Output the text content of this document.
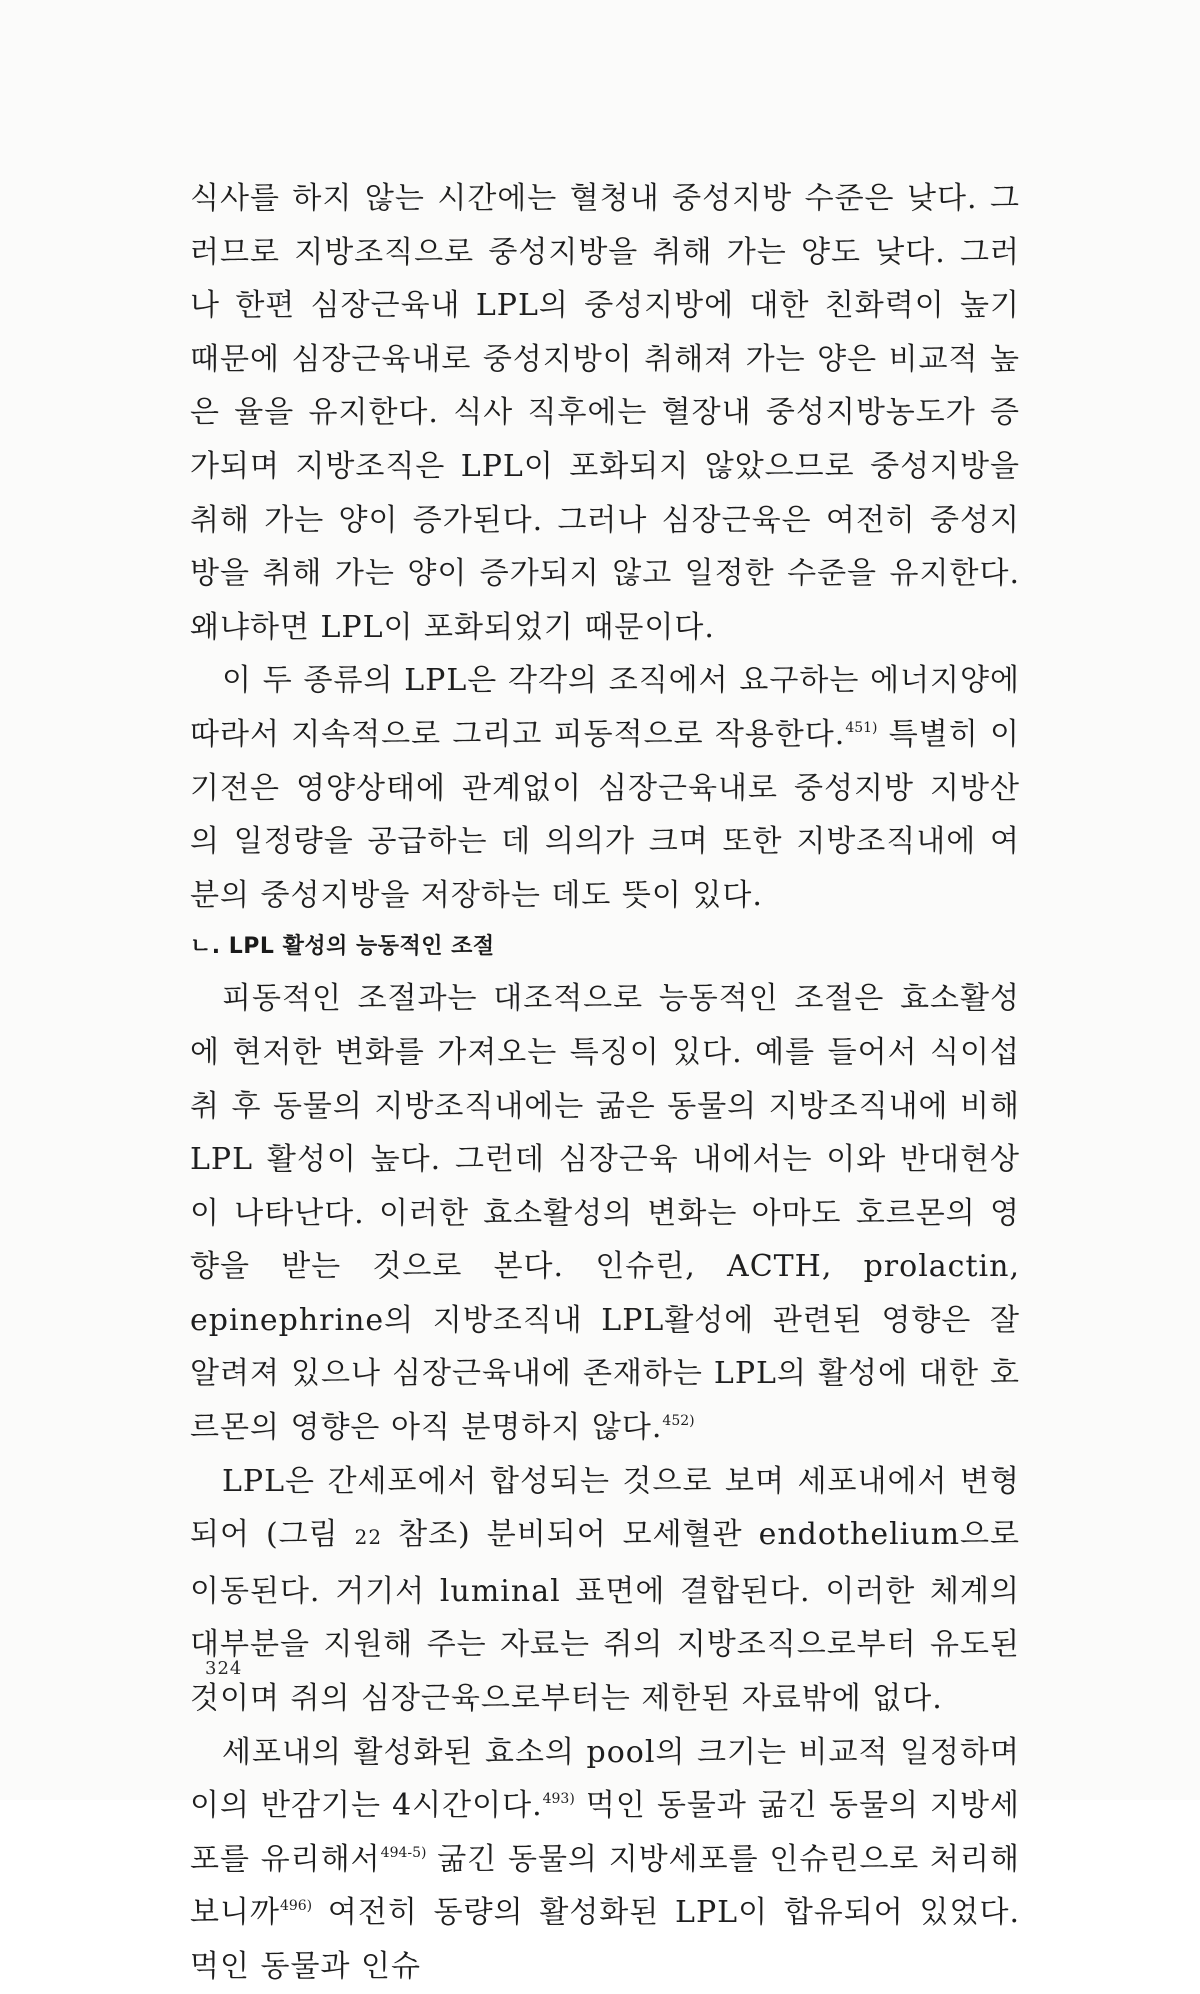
식사를 하지 않는 시간에는 혈청내 중성지방 수준은 낮다. 그러므로 지방조직으로 중성지방을 취해 가는 양도 낮다. 그러나 한편 심장근육내 LPL의 중성지방에 대한 친화력이 높기 때문에 심장근육내로 중성지방이 취해져 가는 양은 비교적 높은 율을 유지한다. 식사 직후에는 혈장내 중성지방농도가 증가되며 지방조직은 LPL이 포화되지 않았으므로 중성지방을 취해 가는 양이 증가된다. 그러나 심장근육은 여전히 중성지방을 취해 가는 양이 증가되지 않고 일정한 수준을 유지한다. 왜냐하면 LPL이 포화되었기 때문이다.

이 두 종류의 LPL은 각각의 조직에서 요구하는 에너지양에 따라서 지속적으로 그리고 피동적으로 작용한다.$^{451)}$ 특별히 이 기전은 영양상태에 관계없이 심장근육내로 중성지방 지방산의 일정량을 공급하는 데 의의가 크며 또한 지방조직내에 여분의 중성지방을 저장하는 데도 뜻이 있다.

ㄴ. LPL 활성의 능동적인 조절

피동적인 조절과는 대조적으로 능동적인 조절은 효소활성에 현저한 변화를 가져오는 특징이 있다. 예를 들어서 식이섭취 후 동물의 지방조직내에는 굶은 동물의 지방조직내에 비해 LPL 활성이 높다. 그런데 심장근육 내에서는 이와 반대현상이 나타난다. 이러한 효소활성의 변화는 아마도 호르몬의 영향을 받는 것으로 본다. 인슈린, ACTH, prolactin, epinephrine의 지방조직내 LPL활성에 관련된 영향은 잘 알려져 있으나 심장근육내에 존재하는 LPL의 활성에 대한 호르몬의 영향은 아직 분명하지 않다.$^{452)}$

LPL은 간세포에서 합성되는 것으로 보며 세포내에서 변형되어 (그림 22 참조) 분비되어 모세혈관 endothelium으로 이동된다. 거기서 luminal 표면에 결합된다. 이러한 체계의 대부분을 지원해 주는 자료는 쥐의 지방조직으로부터 유도된 것이며 쥐의 심장근육으로부터는 제한된 자료밖에 없다.

세포내의 활성화된 효소의 pool의 크기는 비교적 일정하며 이의 반감기는 4시간이다.$^{493)}$ 먹인 동물과 굶긴 동물의 지방세포를 유리해서$^{494-5)}$ 굶긴 동물의 지방세포를 인슈린으로 처리해 보니까$^{496)}$ 여전히 동량의 활성화된 LPL이 합유되어 있었다. 먹인 동물과 인슈

324
